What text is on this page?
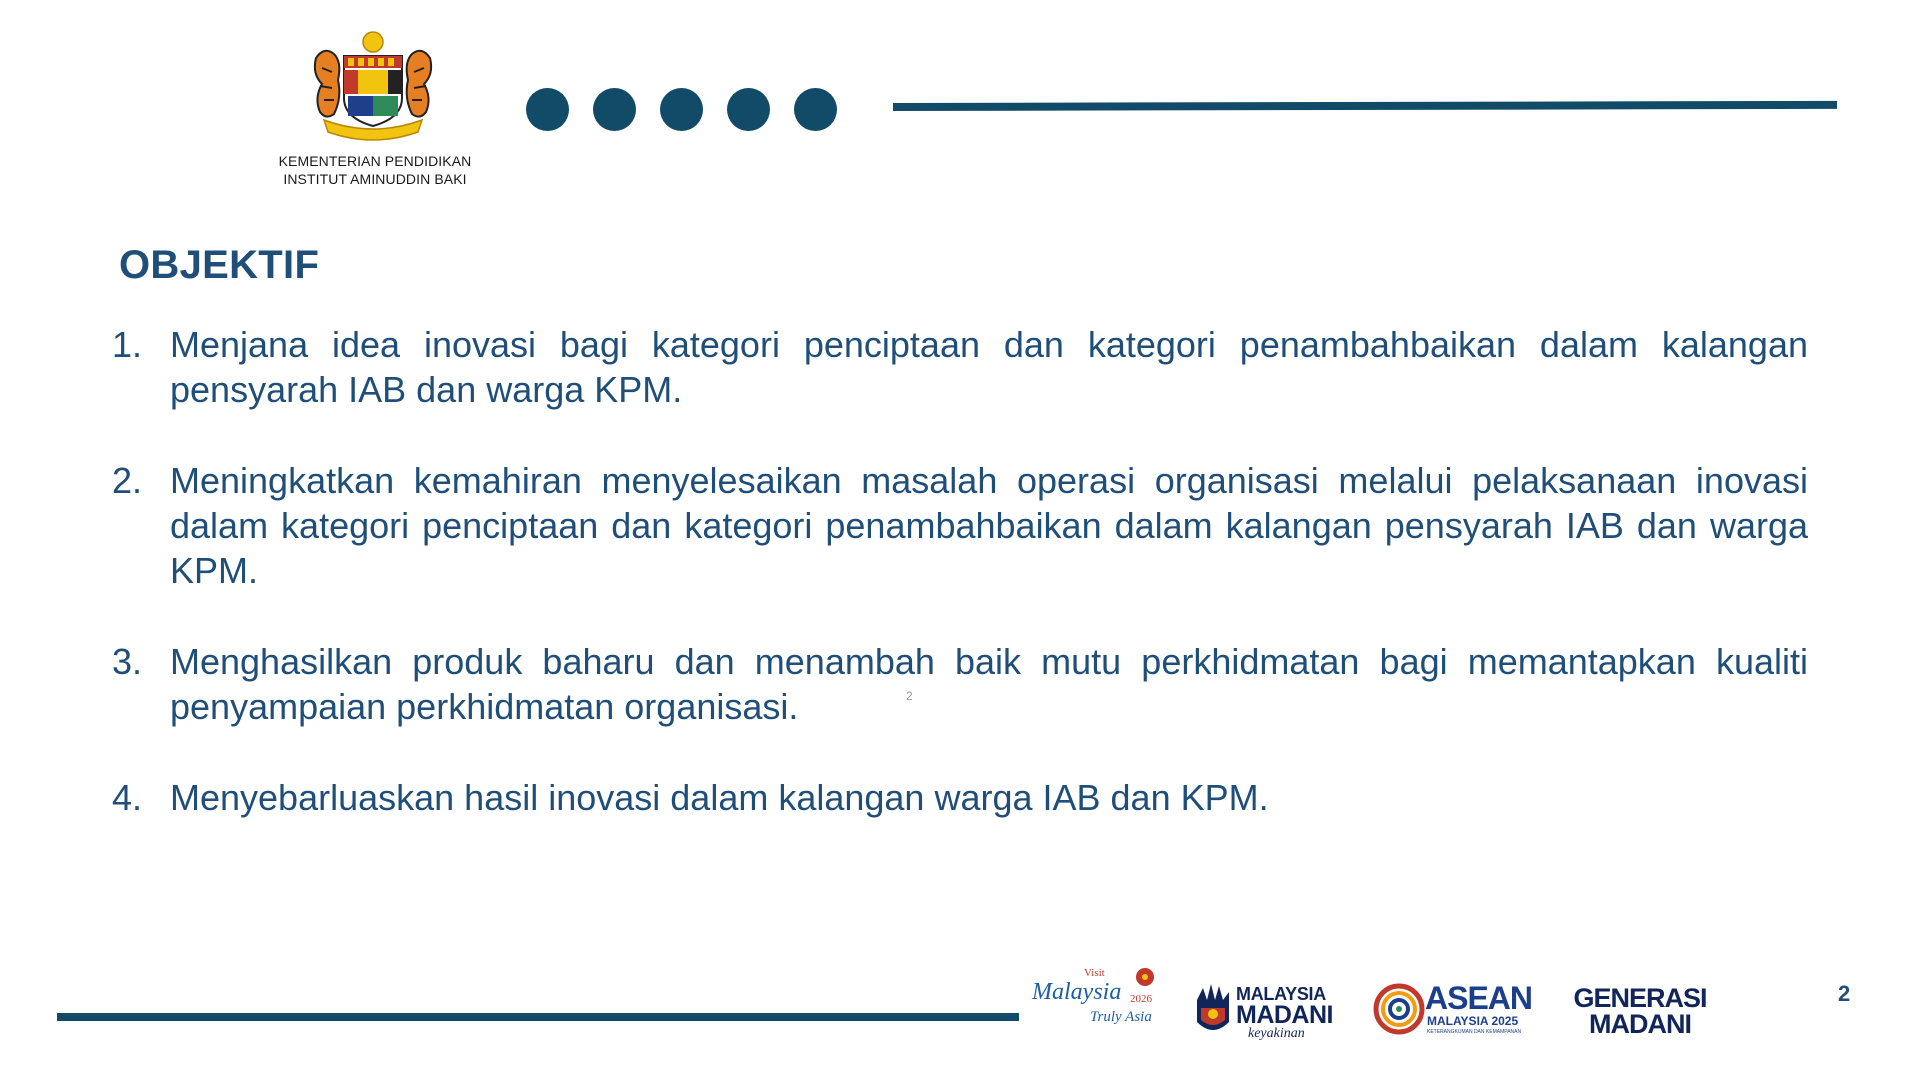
KEMENTERIAN PENDIDIKAN
INSTITUT AMINUDDIN BAKI
OBJEKTIF
1. Menjana idea inovasi bagi kategori penciptaan dan kategori penambahbaikan dalam kalangan pensyarah IAB dan warga KPM.
2. Meningkatkan kemahiran menyelesaikan masalah operasi organisasi melalui pelaksanaan inovasi dalam kategori penciptaan dan kategori penambahbaikan dalam kalangan pensyarah IAB dan warga KPM.
3. Menghasilkan produk baharu dan menambah baik mutu perkhidmatan bagi memantapkan kualiti penyampaian perkhidmatan organisasi.
4. Menyebarluaskan hasil inovasi dalam kalangan warga IAB dan KPM.
2
Visit
Malaysia 2026
Truly Asia
MALAYSIA
MADANI
keyakinan
ASEAN
MALAYSIA 2025
KETERANGKUMAN DAN KEMAMPANAN
GENERASI
MADANI
2
